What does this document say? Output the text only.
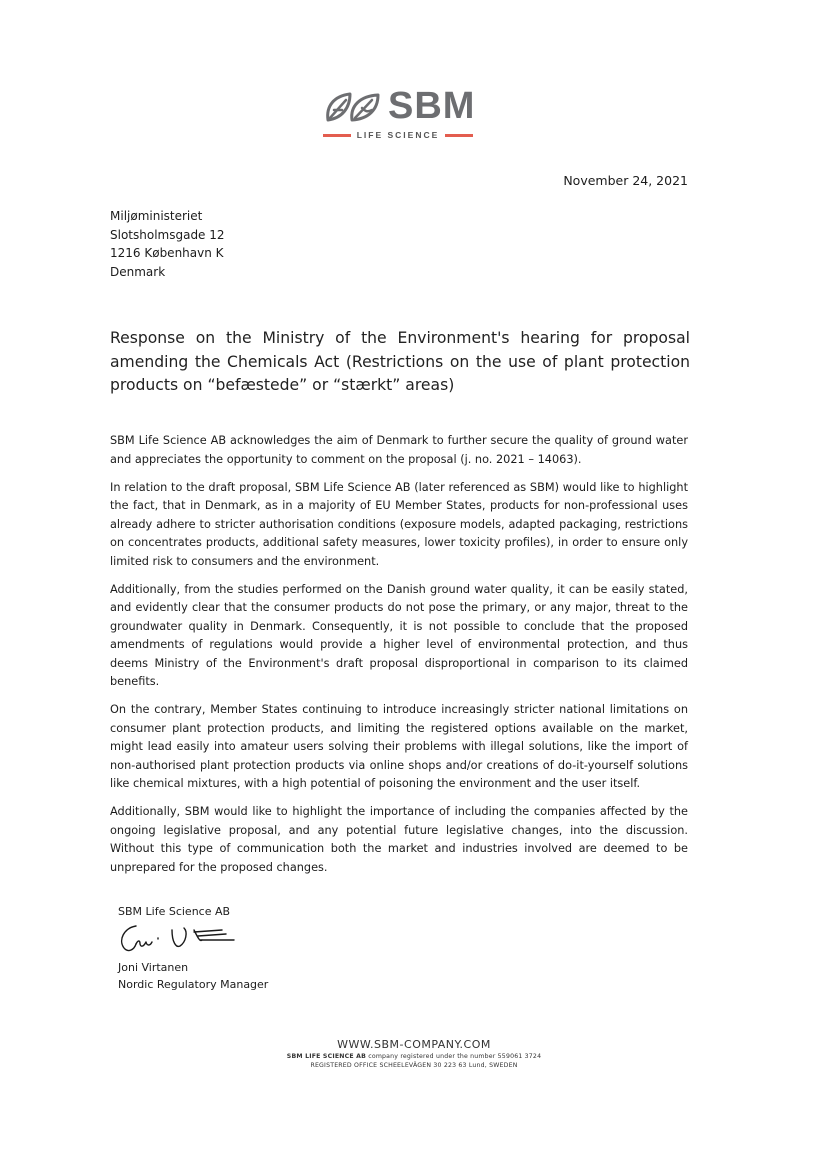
SBM
LIFE SCIENCE
November 24, 2021
Miljøministeriet
Slotsholmsgade 12
1216 København K
Denmark
Response on the Ministry of the Environment's hearing for proposal amending the Chemicals Act (Restrictions on the use of plant protection products on “befæstede” or “stærkt” areas)

SBM Life Science AB acknowledges the aim of Denmark to further secure the quality of ground water and appreciates the opportunity to comment on the proposal (j. no. 2021 – 14063).

In relation to the draft proposal, SBM Life Science AB (later referenced as SBM) would like to highlight the fact, that in Denmark, as in a majority of EU Member States, products for non-professional uses already adhere to stricter authorisation conditions (exposure models, adapted packaging, restrictions on concentrates products, additional safety measures, lower toxicity profiles), in order to ensure only limited risk to consumers and the environment.

Additionally, from the studies performed on the Danish ground water quality, it can be easily stated, and evidently clear that the consumer products do not pose the primary, or any major, threat to the groundwater quality in Denmark. Consequently, it is not possible to conclude that the proposed amendments of regulations would provide a higher level of environmental protection, and thus deems Ministry of the Environment's draft proposal disproportional in comparison to its claimed benefits.

On the contrary, Member States continuing to introduce increasingly stricter national limitations on consumer plant protection products, and limiting the registered options available on the market, might lead easily into amateur users solving their problems with illegal solutions, like the import of non-authorised plant protection products via online shops and/or creations of do-it-yourself solutions like chemical mixtures, with a high potential of poisoning the environment and the user itself.

Additionally, SBM would like to highlight the importance of including the companies affected by the ongoing legislative proposal, and any potential future legislative changes, into the discussion. Without this type of communication both the market and industries involved are deemed to be unprepared for the proposed changes.

SBM Life Science AB
Joni Virtanen
Nordic Regulatory Manager
WWW.SBM-COMPANY.COM
SBM LIFE SCIENCE AB company registered under the number 559061 3724
REGISTERED OFFICE SCHEELEVÄGEN 30 223 63 Lund, SWEDEN
